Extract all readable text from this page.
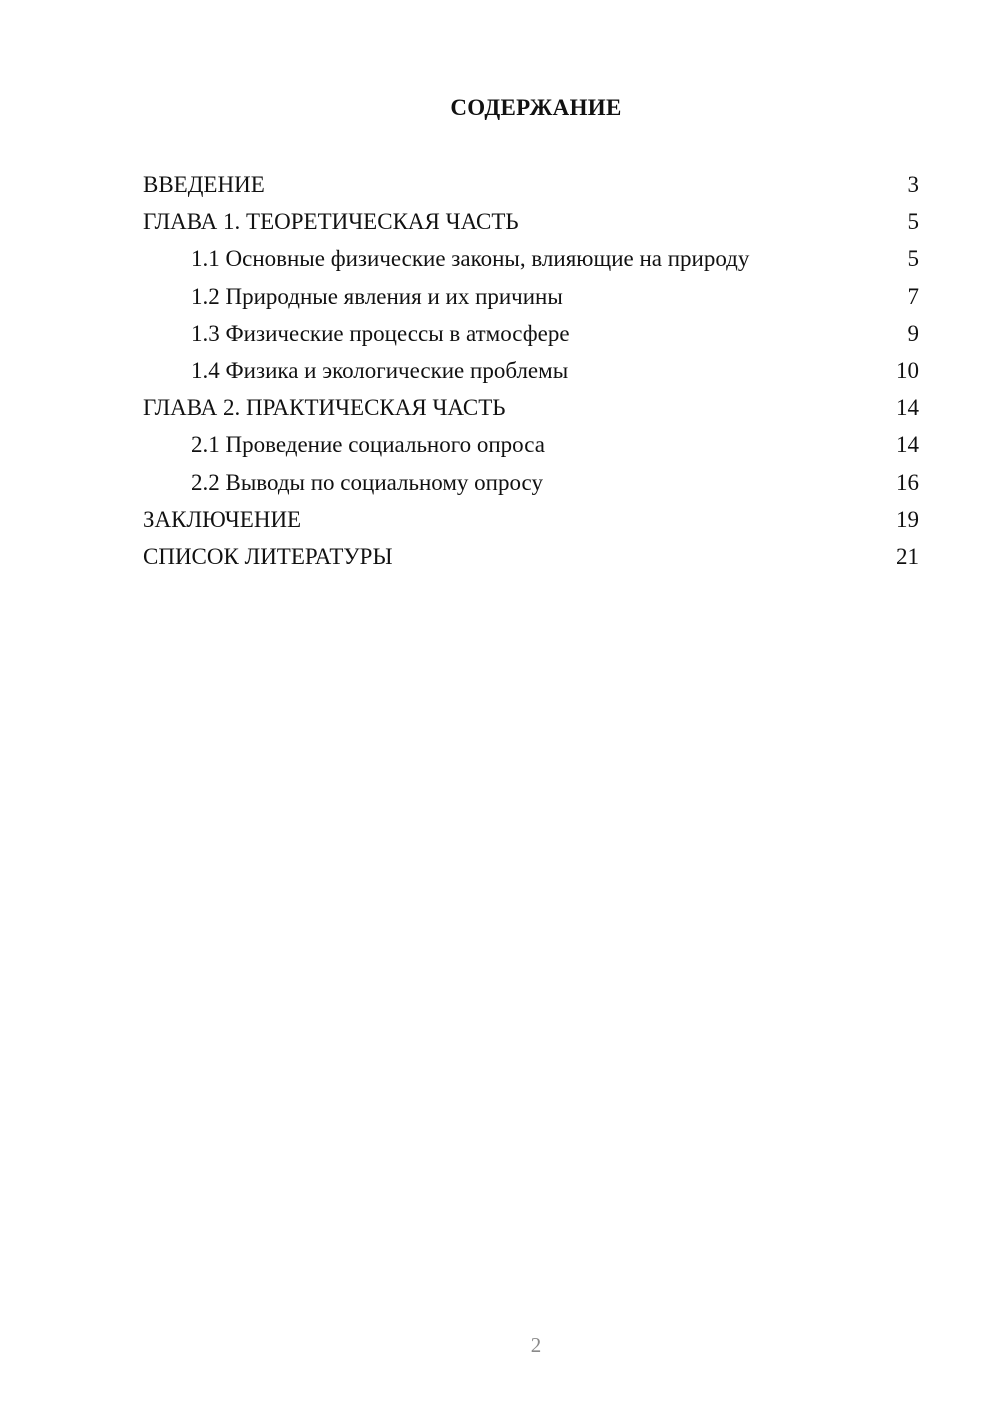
СОДЕРЖАНИЕ
ВВЕДЕНИЕ	3
ГЛАВА 1. ТЕОРЕТИЧЕСКАЯ ЧАСТЬ	5
1.1 Основные физические законы, влияющие на природу	5
1.2 Природные явления и их причины	7
1.3 Физические процессы в атмосфере	9
1.4 Физика и экологические проблемы	10
ГЛАВА 2. ПРАКТИЧЕСКАЯ ЧАСТЬ	14
2.1 Проведение социального опроса	14
2.2 Выводы по социальному опросу	16
ЗАКЛЮЧЕНИЕ	19
СПИСОК ЛИТЕРАТУРЫ	21
2
